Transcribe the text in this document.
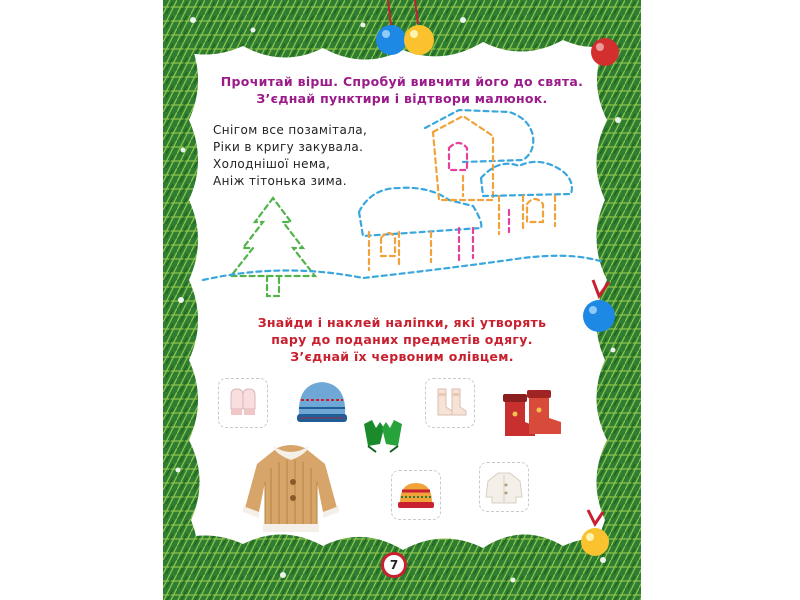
Прочитай вірш. Спробуй вивчити його до свята.
З’єднай пунктири і відтвори малюнок.
Снігом все позамітала,
Ріки в кригу закувала.
Холоднішої нема,
Аніж тітонька зима.
Знайди і наклей наліпки, які утворять
пару до поданих предметів одягу.
З’єднай їх червоним олівцем.
7
